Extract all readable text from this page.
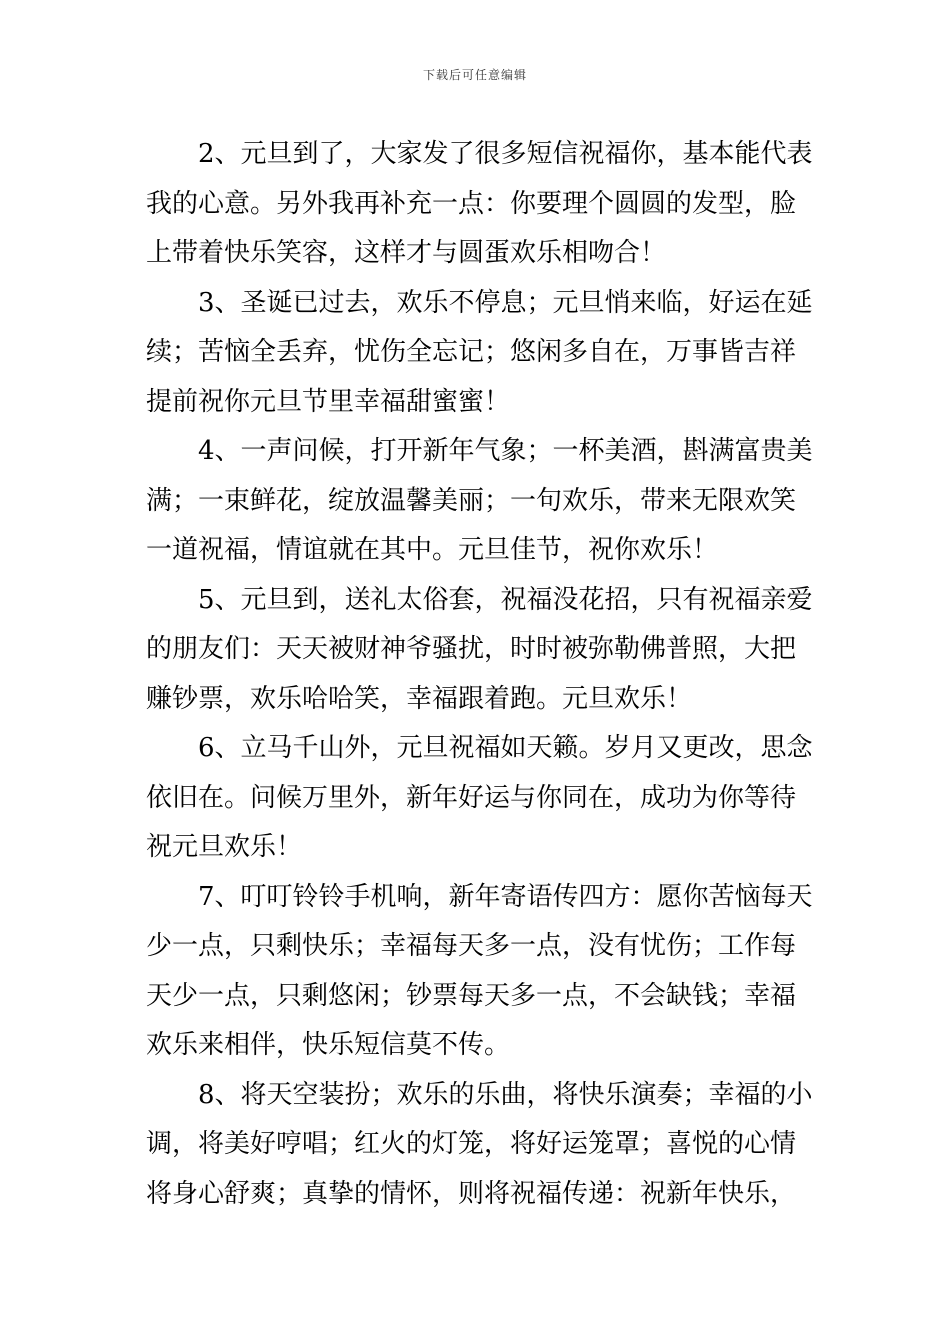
下载后可任意编辑
　　2、元旦到了，大家发了很多短信祝福你，基本能代表
我的心意。另外我再补充一点：你要理个圆圆的发型，脸
上带着快乐笑容，这样才与圆蛋欢乐相吻合！
　　3、圣诞已过去，欢乐不停息；元旦悄来临，好运在延
续；苦恼全丢弃，忧伤全忘记；悠闲多自在，万事皆吉祥
提前祝你元旦节里幸福甜蜜蜜！
　　4、一声问候，打开新年气象；一杯美酒，斟满富贵美
满；一束鲜花，绽放温馨美丽；一句欢乐，带来无限欢笑
一道祝福，情谊就在其中。元旦佳节，祝你欢乐！
　　5、元旦到，送礼太俗套，祝福没花招，只有祝福亲爱
的朋友们：天天被财神爷骚扰，时时被弥勒佛普照，大把
赚钞票，欢乐哈哈笑，幸福跟着跑。元旦欢乐！
　　6、立马千山外，元旦祝福如天籁。岁月又更改，思念
依旧在。问候万里外，新年好运与你同在，成功为你等待
祝元旦欢乐！
　　7、叮叮铃铃手机响，新年寄语传四方：愿你苦恼每天
少一点，只剩快乐；幸福每天多一点，没有忧伤；工作每
天少一点，只剩悠闲；钞票每天多一点，不会缺钱；幸福
欢乐来相伴，快乐短信莫不传。
　　8、将天空装扮；欢乐的乐曲，将快乐演奏；幸福的小
调，将美好哼唱；红火的灯笼，将好运笼罩；喜悦的心情
将身心舒爽；真挚的情怀，则将祝福传递：祝新年快乐，
